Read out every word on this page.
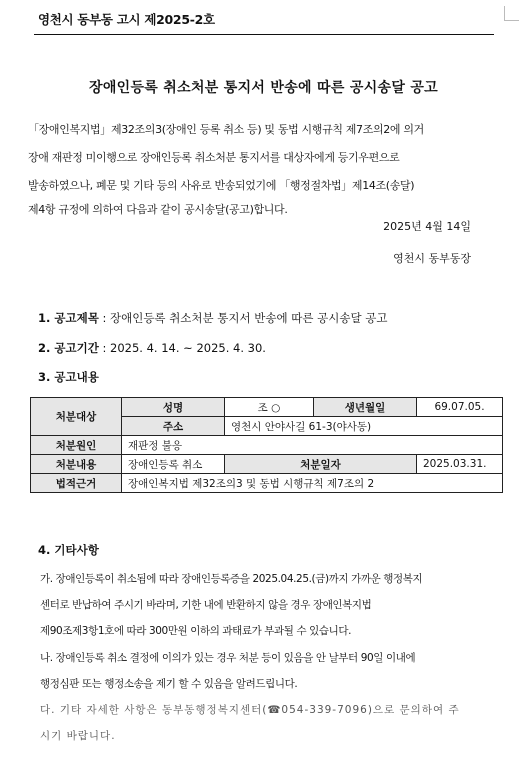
영천시 동부동 고시 제2025-2호
장애인등록 취소처분 통지서 반송에 따른 공시송달 공고
「장애인복지법」제32조의3(장애인 등록 취소 등) 및 동법 시행규칙 제7조의2에 의거
장애 재판정 미이행으로 장애인등록 취소처분 통지서를 대상자에게 등기우편으로
발송하였으나, 폐문 및 기타 등의 사유로 반송되었기에 「행정절차법」제14조(송달)
제4항 규정에 의하여 다음과 같이 공시송달(공고)합니다.
2025년 4월 14일
영천시 동부동장
1. 공고제목 : 장애인등록 취소처분 통지서 반송에 따른 공시송달 공고
2. 공고기간 : 2025. 4. 14. ~ 2025. 4. 30.
3. 공고내용
처분대상	성명	조 ○	생년월일	69.07.05.
	주소	영천시 안야사길 61-3(야사동)		
처분원인	재판정 불응			
처분내용	장애인등록 취소	처분일자		2025.03.31.
법적근거	장애인복지법 제32조의3 및 동법 시행규칙 제7조의 2			
4. 기타사항
가. 장애인등록이 취소됨에 따라 장애인등록증을 2025.04.25.(금)까지 가까운 행정복지
센터로 반납하여 주시기 바라며, 기한 내에 반환하지 않을 경우 장애인복지법
제90조제3항1호에 따라 300만원 이하의 과태료가 부과될 수 있습니다.
나. 장애인등록 취소 결정에 이의가 있는 경우 처분 등이 있음을 안 날부터 90일 이내에
행정심판 또는 행정소송을 제기 할 수 있음을 알려드립니다.
다. 기타 자세한 사항은 동부동행정복지센터(☎054-339-7096)으로 문의하여 주
시기 바랍니다.
